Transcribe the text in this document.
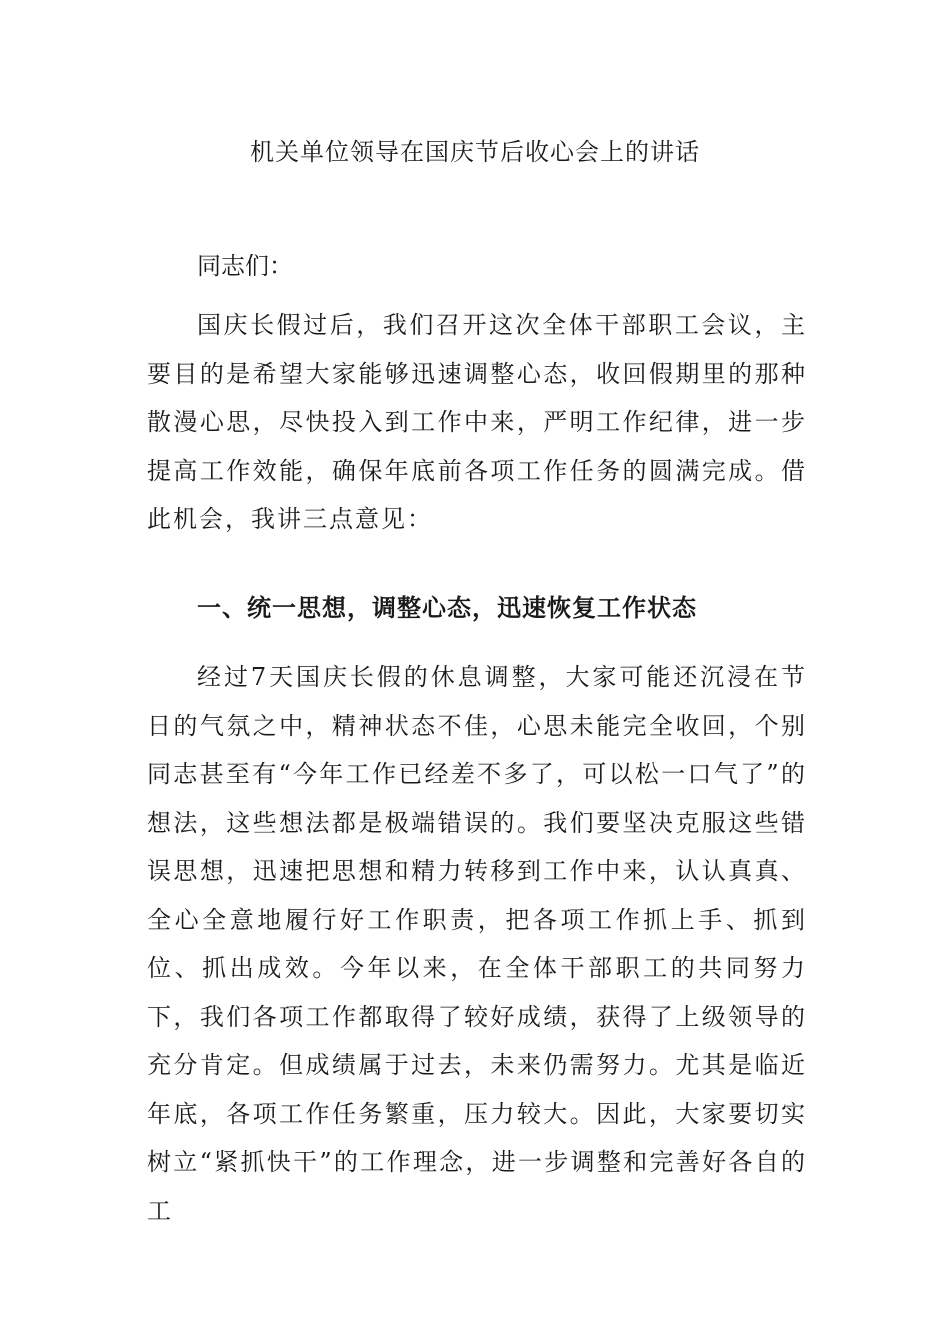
机关单位领导在国庆节后收心会上的讲话

同志们：

国庆长假过后，我们召开这次全体干部职工会议，主要目的是希望大家能够迅速调整心态，收回假期里的那种散漫心思，尽快投入到工作中来，严明工作纪律，进一步提高工作效能，确保年底前各项工作任务的圆满完成。借此机会，我讲三点意见：

一、统一思想，调整心态，迅速恢复工作状态

经过7天国庆长假的休息调整，大家可能还沉浸在节日的气氛之中，精神状态不佳，心思未能完全收回，个别同志甚至有“今年工作已经差不多了，可以松一口气了”的想法，这些想法都是极端错误的。我们要坚决克服这些错误思想，迅速把思想和精力转移到工作中来，认认真真、全心全意地履行好工作职责，把各项工作抓上手、抓到位、抓出成效。今年以来，在全体干部职工的共同努力下，我们各项工作都取得了较好成绩，获得了上级领导的充分肯定。但成绩属于过去，未来仍需努力。尤其是临近年底，各项工作任务繁重，压力较大。因此，大家要切实树立“紧抓快干”的工作理念，进一步调整和完善好各自的工
